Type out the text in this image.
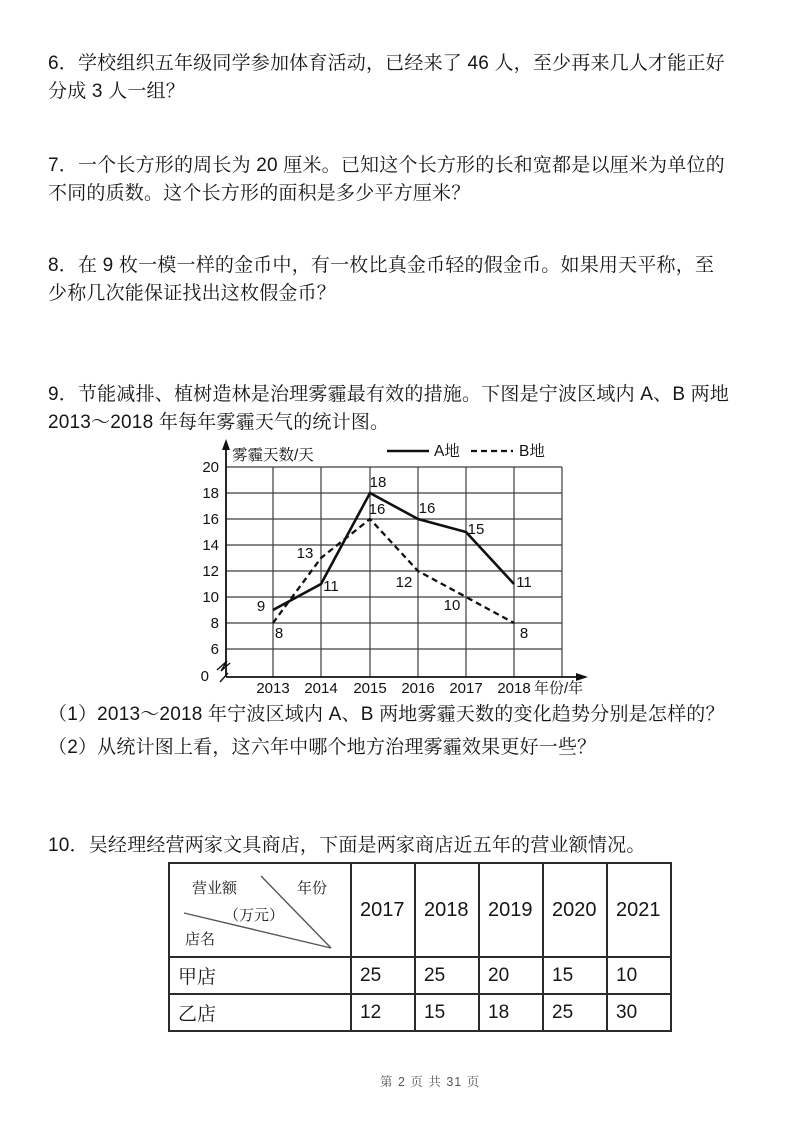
6．学校组织五年级同学参加体育活动，已经来了 46 人，至少再来几人才能正好
分成 3 人一组？
7．一个长方形的周长为 20 厘米。已知这个长方形的长和宽都是以厘米为单位的
不同的质数。这个长方形的面积是多少平方厘米？
8．在 9 枚一模一样的金币中，有一枚比真金币轻的假金币。如果用天平称，至
少称几次能保证找出这枚假金币？
9．节能减排、植树造林是治理雾霾最有效的措施。下图是宁波区域内 A、B 两地
2013～2018 年每年雾霾天气的统计图。
0
6
8
10
12
14
16
18
20
2013 2014 2015 2016 2017 2018 年份/年
雾霾天数/天	A地	B地
9
11
18
16
15
11
8
13
16
12
10
8
（1）2013～2018 年宁波区域内 A、B 两地雾霾天数的变化趋势分别是怎样的？
（2）从统计图上看，这六年中哪个地方治理雾霾效果更好一些？
10．吴经理经营两家文具商店，下面是两家商店近五年的营业额情况。
营业额 年份
（万元）
店名	2017	2018	2019	2020	2021
甲店	25	25	20	15	10
乙店	12	15	18	25	30
第 2 页 共 31 页
